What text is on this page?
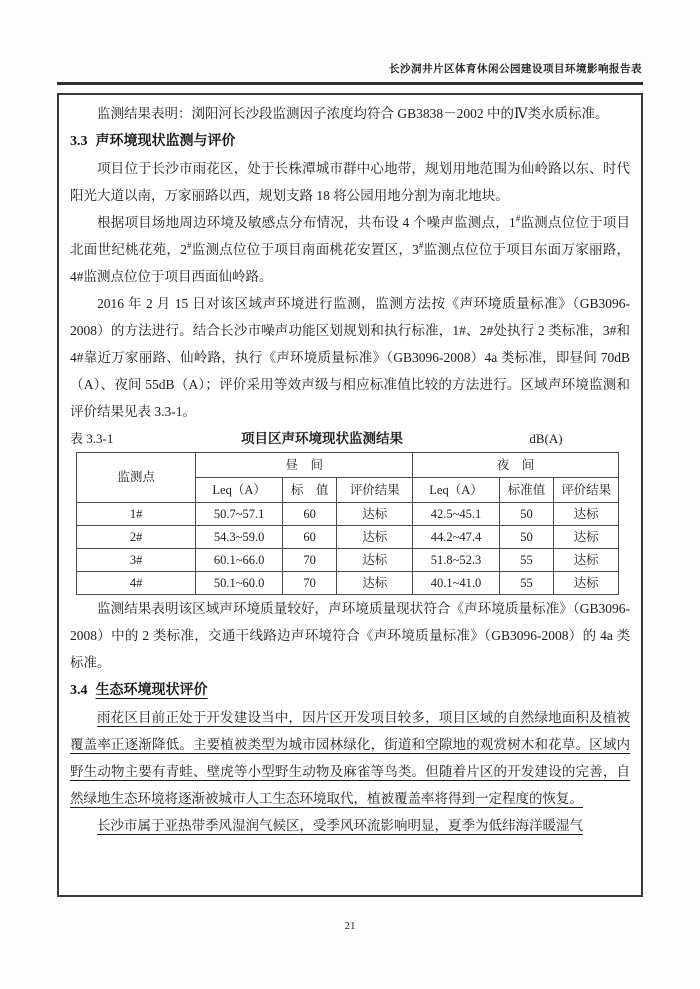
长沙洞井片区体育休闲公园建设项目环境影响报告表

监测结果表明：浏阳河长沙段监测因子浓度均符合 GB3838－2002 中的Ⅳ类水质标准。

3.3 声环境现状监测与评价

项目位于长沙市雨花区，处于长株潭城市群中心地带，规划用地范围为仙岭路以东、时代阳光大道以南，万家丽路以西，规划支路 18 将公园用地分割为南北地块。

根据项目场地周边环境及敏感点分布情况，共布设 4 个噪声监测点，1#监测点位位于项目北面世纪桃花苑，2#监测点位位于项目南面桃花安置区，3#监测点位位于项目东面万家丽路，4#监测点位位于项目西面仙岭路。

2016 年 2 月 15 日对该区域声环境进行监测，监测方法按《声环境质量标准》（GB3096-2008）的方法进行。结合长沙市噪声功能区划规划和执行标准，1#、2#处执行 2 类标准，3#和 4#靠近万家丽路、仙岭路，执行《声环境质量标准》（GB3096-2008）4a 类标准，即昼间 70dB（A）、夜间 55dB（A）；评价采用等效声级与相应标准值比较的方法进行。区域声环境监测和评价结果见表 3.3-1。

表 3.3-1	项目区声环境现状监测结果	dB(A)
监测点	昼　间			夜　间		
	Leq（A）	标　值	评价结果	Leq（A）	标准值	评价结果
1#	50.7~57.1	60	达标	42.5~45.1	50	达标
2#	54.3~59.0	60	达标	44.2~47.4	50	达标
3#	60.1~66.0	70	达标	51.8~52.3	55	达标
4#	50.1~60.0	70	达标	40.1~41.0	55	达标

监测结果表明该区域声环境质量较好，声环境质量现状符合《声环境质量标准》（GB3096-2008）中的 2 类标准，交通干线路边声环境符合《声环境质量标准》（GB3096-2008）的 4a 类标准。

3.4 生态环境现状评价

雨花区目前正处于开发建设当中，因片区开发项目较多，项目区域的自然绿地面积及植被覆盖率正逐渐降低。主要植被类型为城市园林绿化，街道和空隙地的观赏树木和花草。区域内野生动物主要有青蛙、壁虎等小型野生动物及麻雀等鸟类。但随着片区的开发建设的完善，自然绿地生态环境将逐渐被城市人工生态环境取代，植被覆盖率将得到一定程度的恢复。

长沙市属于亚热带季风湿润气候区，受季风环流影响明显，夏季为低纬海洋暖湿气

21
